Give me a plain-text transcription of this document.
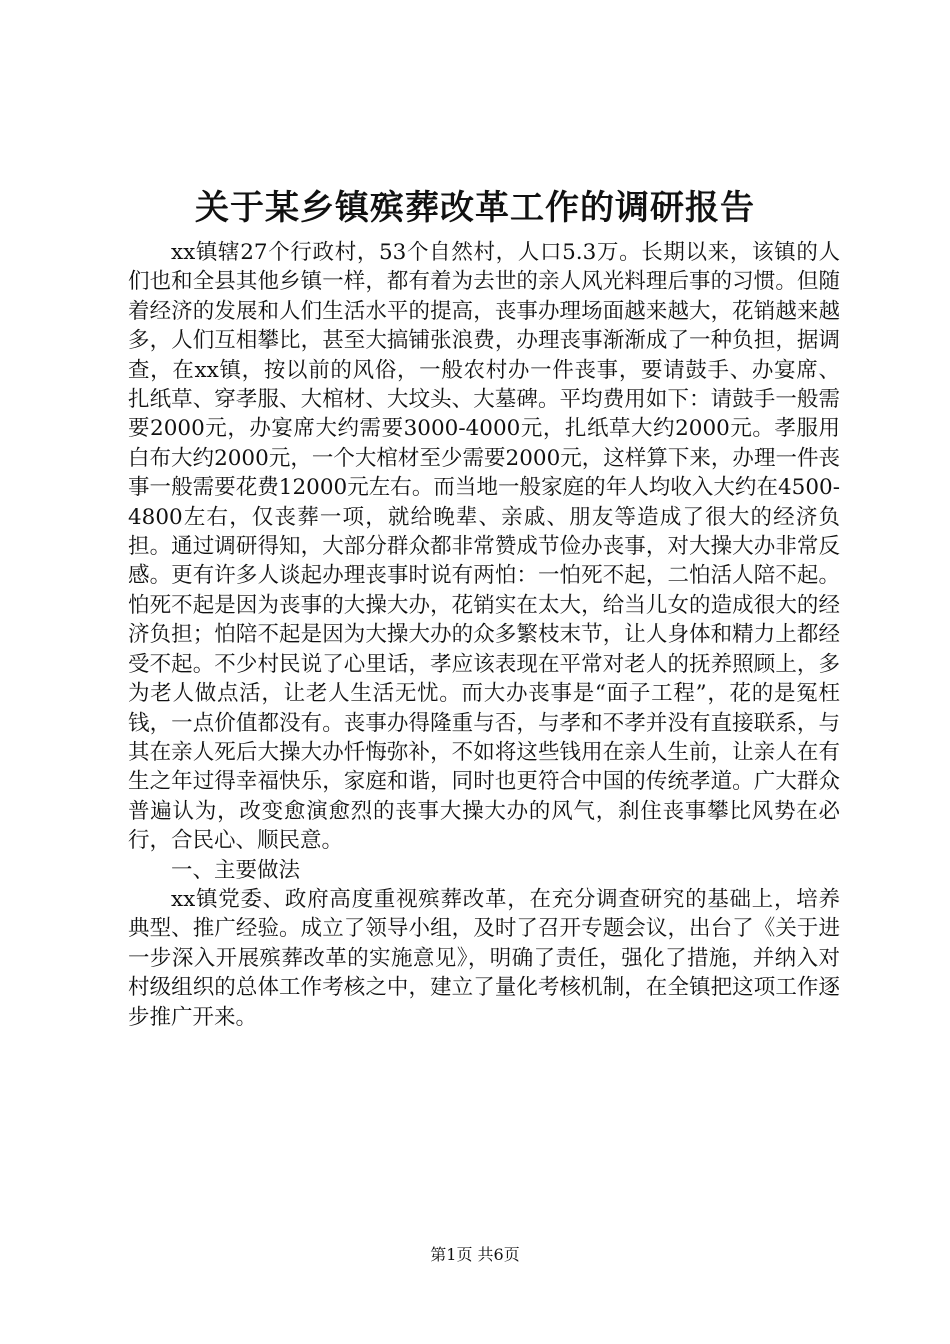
关于某乡镇殡葬改革工作的调研报告

xx镇辖27个行政村，53个自然村，人口5.3万。长期以来，该镇的人们也和全县其他乡镇一样，都有着为去世的亲人风光料理后事的习惯。但随着经济的发展和人们生活水平的提高，丧事办理场面越来越大，花销越来越多，人们互相攀比，甚至大搞铺张浪费，办理丧事渐渐成了一种负担，据调查，在xx镇，按以前的风俗，一般农村办一件丧事，要请鼓手、办宴席、扎纸草、穿孝服、大棺材、大坟头、大墓碑。平均费用如下：请鼓手一般需要2000元，办宴席大约需要3000-4000元，扎纸草大约2000元。孝服用白布大约2000元，一个大棺材至少需要2000元，这样算下来，办理一件丧事一般需要花费12000元左右。而当地一般家庭的年人均收入大约在4500-4800左右，仅丧葬一项，就给晚辈、亲戚、朋友等造成了很大的经济负担。通过调研得知，大部分群众都非常赞成节俭办丧事，对大操大办非常反感。更有许多人谈起办理丧事时说有两怕：一怕死不起，二怕活人陪不起。怕死不起是因为丧事的大操大办，花销实在太大，给当儿女的造成很大的经济负担；怕陪不起是因为大操大办的众多繁枝末节，让人身体和精力上都经受不起。不少村民说了心里话，孝应该表现在平常对老人的抚养照顾上，多为老人做点活，让老人生活无忧。而大办丧事是“面子工程”，花的是冤枉钱，一点价值都没有。丧事办得隆重与否，与孝和不孝并没有直接联系，与其在亲人死后大操大办忏悔弥补，不如将这些钱用在亲人生前，让亲人在有生之年过得幸福快乐，家庭和谐，同时也更符合中国的传统孝道。广大群众普遍认为，改变愈演愈烈的丧事大操大办的风气，刹住丧事攀比风势在必行，合民心、顺民意。

一、主要做法

xx镇党委、政府高度重视殡葬改革，在充分调查研究的基础上，培养典型、推广经验。成立了领导小组，及时了召开专题会议，出台了《关于进一步深入开展殡葬改革的实施意见》，明确了责任，强化了措施，并纳入对村级组织的总体工作考核之中，建立了量化考核机制，在全镇把这项工作逐步推广开来。

第1页 共6页
